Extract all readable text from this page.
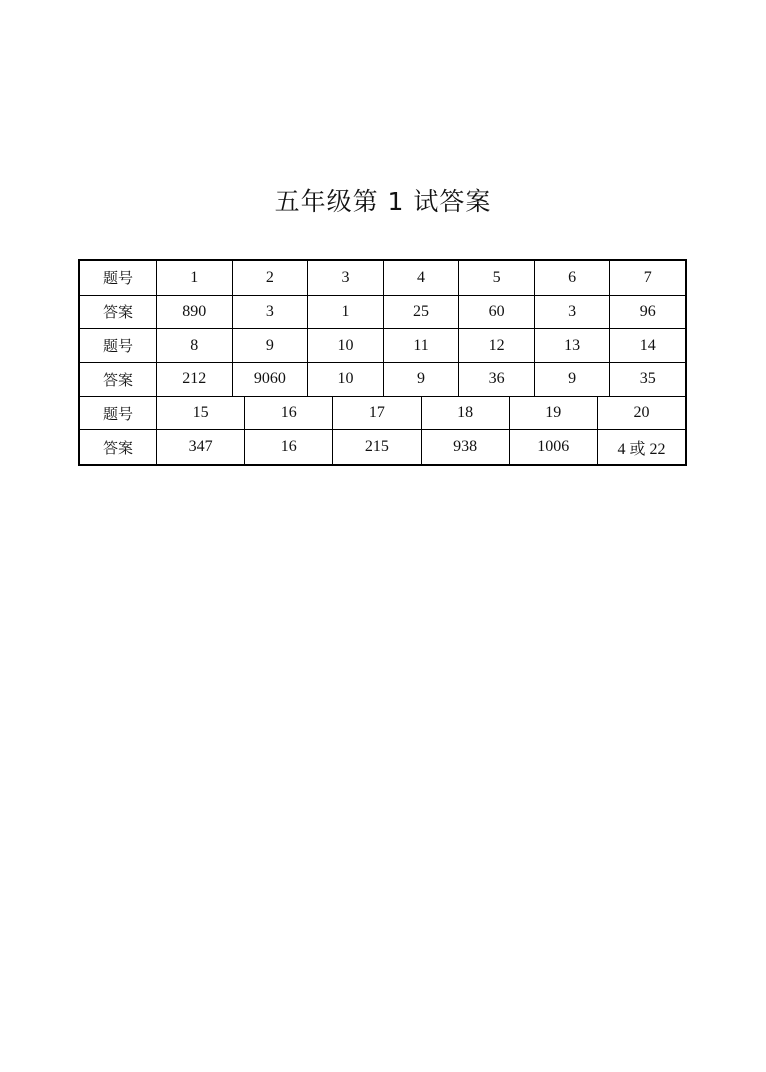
五年级第 1 试答案
题号	1	2	3	4	5	6	7
答案	890	3	1	25	60	3	96
题号	8	9	10	11	12	13	14
答案	212	9060	10	9	36	9	35
题号	15	16	17	18	19	20
答案	347	16	215	938	1006	4 或 22
